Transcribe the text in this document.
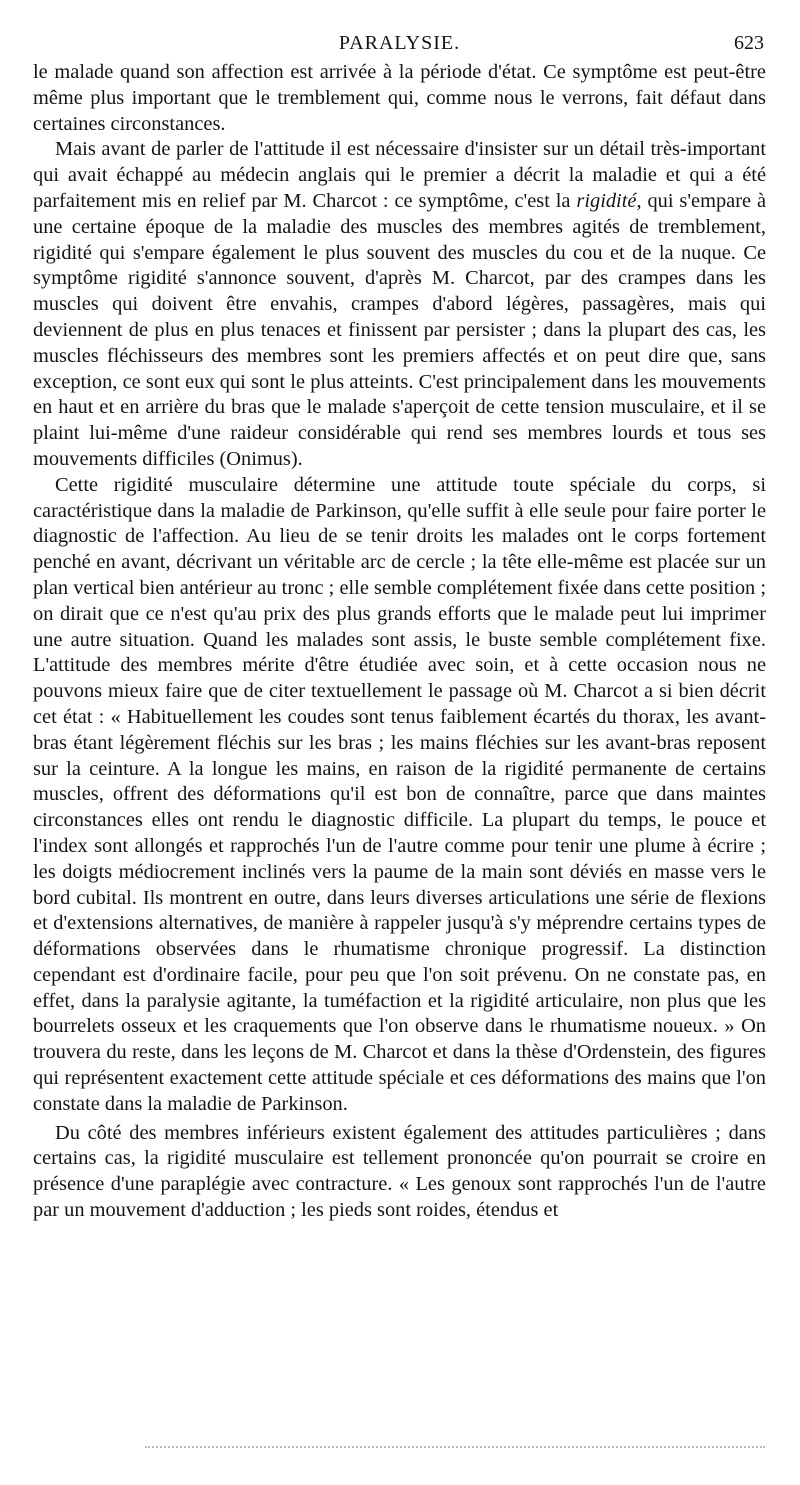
PARALYSIE.	623

le malade quand son affection est arrivée à la période d'état. Ce symptôme est peut-être même plus important que le tremblement qui, comme nous le verrons, fait défaut dans certaines circonstances.

Mais avant de parler de l'attitude il est nécessaire d'insister sur un détail très-important qui avait échappé au médecin anglais qui le premier a décrit la maladie et qui a été parfaitement mis en relief par M. Charcot : ce symptôme, c'est la rigidité, qui s'empare à une certaine époque de la maladie des muscles des membres agités de tremblement, rigidité qui s'empare également le plus souvent des muscles du cou et de la nuque. Ce symptôme rigidité s'annonce souvent, d'après M. Charcot, par des crampes dans les muscles qui doivent être envahis, crampes d'abord légères, passagères, mais qui deviennent de plus en plus tenaces et finissent par persister ; dans la plupart des cas, les muscles fléchisseurs des membres sont les premiers affectés et on peut dire que, sans exception, ce sont eux qui sont le plus atteints. C'est principalement dans les mouvements en haut et en arrière du bras que le malade s'aperçoit de cette tension musculaire, et il se plaint lui-même d'une raideur considérable qui rend ses membres lourds et tous ses mouvements difficiles (Onimus).

Cette rigidité musculaire détermine une attitude toute spéciale du corps, si caractéristique dans la maladie de Parkinson, qu'elle suffit à elle seule pour faire porter le diagnostic de l'affection. Au lieu de se tenir droits les malades ont le corps fortement penché en avant, décrivant un véritable arc de cercle ; la tête elle-même est placée sur un plan vertical bien antérieur au tronc ; elle semble complétement fixée dans cette position ; on dirait que ce n'est qu'au prix des plus grands efforts que le malade peut lui imprimer une autre situation. Quand les malades sont assis, le buste semble complétement fixe. L'attitude des membres mérite d'être étudiée avec soin, et à cette occasion nous ne pouvons mieux faire que de citer textuellement le passage où M. Charcot a si bien décrit cet état : « Habituellement les coudes sont tenus faiblement écartés du thorax, les avant-bras étant légèrement fléchis sur les bras ; les mains fléchies sur les avant-bras reposent sur la ceinture. A la longue les mains, en raison de la rigidité permanente de certains muscles, offrent des déformations qu'il est bon de connaître, parce que dans maintes circonstances elles ont rendu le diagnostic difficile. La plupart du temps, le pouce et l'index sont allongés et rapprochés l'un de l'autre comme pour tenir une plume à écrire ; les doigts médiocrement inclinés vers la paume de la main sont déviés en masse vers le bord cubital. Ils montrent en outre, dans leurs diverses articulations une série de flexions et d'extensions alternatives, de manière à rappeler jusqu'à s'y méprendre certains types de déformations observées dans le rhumatisme chronique progressif. La distinction cependant est d'ordinaire facile, pour peu que l'on soit prévenu. On ne constate pas, en effet, dans la paralysie agitante, la tuméfaction et la rigidité articulaire, non plus que les bourrelets osseux et les craquements que l'on observe dans le rhumatisme noueux. » On trouvera du reste, dans les leçons de M. Charcot et dans la thèse d'Ordenstein, des figures qui représentent exactement cette attitude spéciale et ces déformations des mains que l'on constate dans la maladie de Parkinson.

Du côté des membres inférieurs existent également des attitudes particulières ; dans certains cas, la rigidité musculaire est tellement prononcée qu'on pourrait se croire en présence d'une paraplégie avec contracture. « Les genoux sont rapprochés l'un de l'autre par un mouvement d'adduction ; les pieds sont roides, étendus et
